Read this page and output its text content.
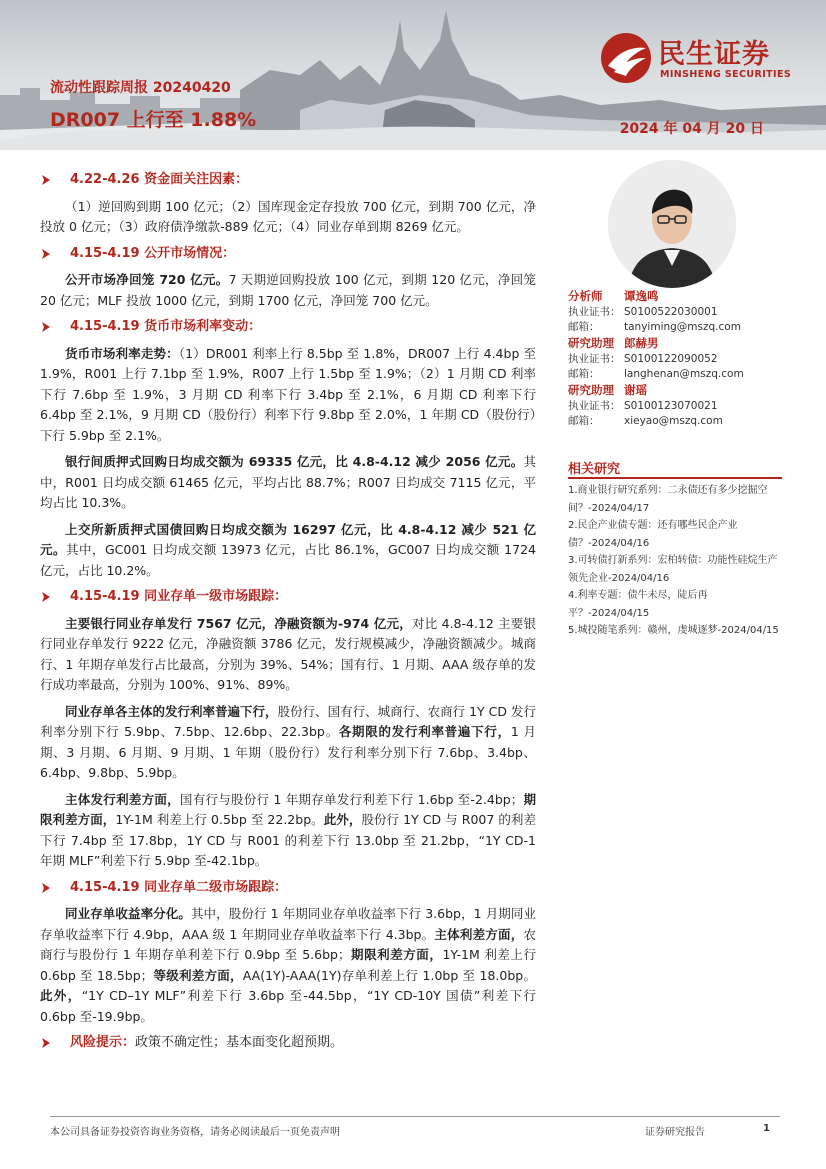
民生证券
MINSHENG SECURITIES
流动性跟踪周报 20240420
DR007 上行至 1.88%	2024 年 04 月 20 日
4.22-4.26 资金面关注因素：
（1）逆回购到期 100 亿元；（2）国库现金定存投放 700 亿元，到期 700 亿元，净投放 0 亿元；（3）政府债净缴款-889 亿元；（4）同业存单到期 8269 亿元。
4.15-4.19 公开市场情况：
公开市场净回笼 720 亿元。7 天期逆回购投放 100 亿元，到期 120 亿元，净回笼 20 亿元；MLF 投放 1000 亿元，到期 1700 亿元，净回笼 700 亿元。
4.15-4.19 货币市场利率变动：
货币市场利率走势：（1）DR001 利率上行 8.5bp 至 1.8%，DR007 上行 4.4bp 至 1.9%，R001 上行 7.1bp 至 1.9%，R007 上行 1.5bp 至 1.9%；（2）1 月期 CD 利率下行 7.6bp 至 1.9%，3 月期 CD 利率下行 3.4bp 至 2.1%，6 月期 CD 利率下行 6.4bp 至 2.1%，9 月期 CD（股份行）利率下行 9.8bp 至 2.0%，1 年期 CD（股份行）下行 5.9bp 至 2.1%。
银行间质押式回购日均成交额为 69335 亿元，比 4.8-4.12 减少 2056 亿元。其中，R001 日均成交额 61465 亿元，平均占比 88.7%；R007 日均成交 7115 亿元，平均占比 10.3%。
上交所新质押式国债回购日均成交额为 16297 亿元，比 4.8-4.12 减少 521 亿元。其中，GC001 日均成交额 13973 亿元，占比 86.1%，GC007 日均成交额 1724 亿元，占比 10.2%。
4.15-4.19 同业存单一级市场跟踪：
主要银行同业存单发行 7567 亿元，净融资额为-974 亿元，对比 4.8-4.12 主要银行同业存单发行 9222 亿元，净融资额 3786 亿元，发行规模减少，净融资额减少。城商行、1 年期存单发行占比最高，分别为 39%、54%；国有行、1 月期、AAA 级存单的发行成功率最高，分别为 100%、91%、89%。
同业存单各主体的发行利率普遍下行，股份行、国有行、城商行、农商行 1Y CD 发行利率分别下行 5.9bp、7.5bp、12.6bp、22.3bp。各期限的发行利率普遍下行，1 月期、3 月期、6 月期、9 月期、1 年期（股份行）发行利率分别下行 7.6bp、3.4bp、6.4bp、9.8bp、5.9bp。
主体发行利差方面，国有行与股份行 1 年期存单发行利差下行 1.6bp 至-2.4bp；期限利差方面，1Y-1M 利差上行 0.5bp 至 22.2bp。此外，股份行 1Y CD 与 R007 的利差下行 7.4bp 至 17.8bp，1Y CD 与 R001 的利差下行 13.0bp 至 21.2bp，“1Y CD-1 年期 MLF”利差下行 5.9bp 至-42.1bp。
4.15-4.19 同业存单二级市场跟踪：
同业存单收益率分化。其中，股份行 1 年期同业存单收益率下行 3.6bp，1 月期同业存单收益率下行 4.9bp，AAA 级 1 年期同业存单收益率下行 4.3bp。主体利差方面，农商行与股份行 1 年期存单利差下行 0.9bp 至 5.6bp；期限利差方面，1Y-1M 利差上行 0.6bp 至 18.5bp；等级利差方面，AA(1Y)-AAA(1Y)存单利差上行 1.0bp 至 18.0bp。此外，“1Y CD–1Y MLF”利差下行 3.6bp 至-44.5bp，“1Y CD-10Y 国债”利差下行 0.6bp 至-19.9bp。
风险提示： 政策不确定性；基本面变化超预期。
分析师	谭逸鸣
执业证书： S0100522030001
邮箱：	tanyiming@mszq.com
研究助理 郎赫男
执业证书： S0100122090052
邮箱：	langhenan@mszq.com
研究助理 谢瑶
执业证书： S0100123070021
邮箱：	xieyao@mszq.com
相关研究
1.商业银行研究系列：二永债还有多少挖掘空间？-2024/04/17
2.民企产业债专题：还有哪些民企产业债？-2024/04/16
3.可转债打新系列：宏柏转债：功能性硅烷生产领先企业-2024/04/16
4.利率专题：债牛未尽，陡后再平？-2024/04/15
5.城投随笔系列：赣州，虔城逐梦-2024/04/15
本公司具备证券投资咨询业务资格，请务必阅读最后一页免责声明	证券研究报告	1
